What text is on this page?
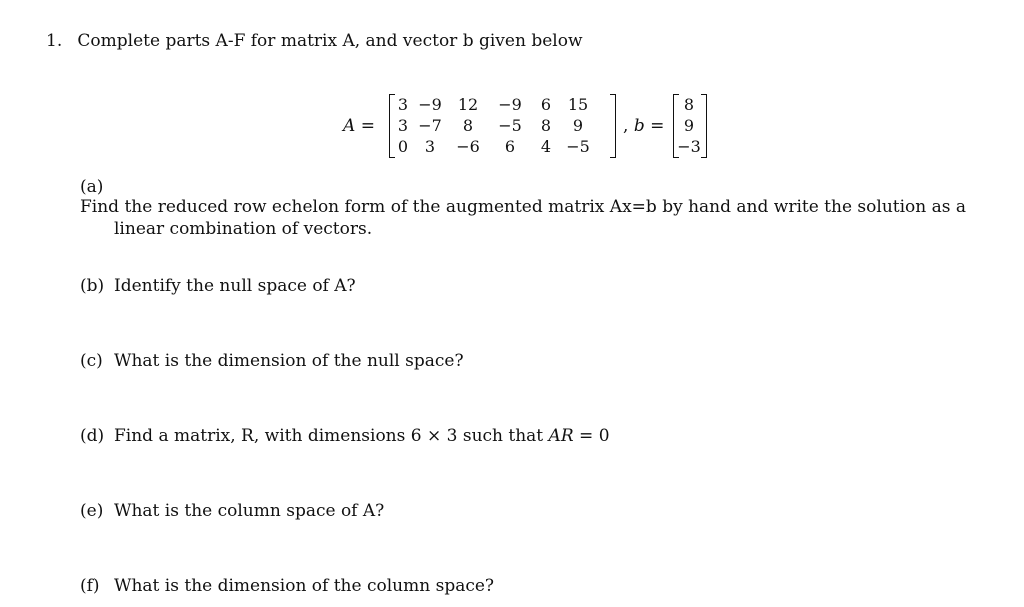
1. Complete parts A-F for matrix A, and vector b given below
A =
3	−9	12	−9	6	15
3	−7	8	−5	8	9
0	3	−6	6	4	−5
, b =
8
9
−3
(a)Find the reduced row echelon form of the augmented matrix Ax=b by hand and write the solution as a
linear combination of vectors.
(b) Identify the null space of A?
(c) What is the dimension of the null space?
(d) Find a matrix, R, with dimensions 6 × 3 such that AR = 0
(e) What is the column space of A?
(f) What is the dimension of the column space?
